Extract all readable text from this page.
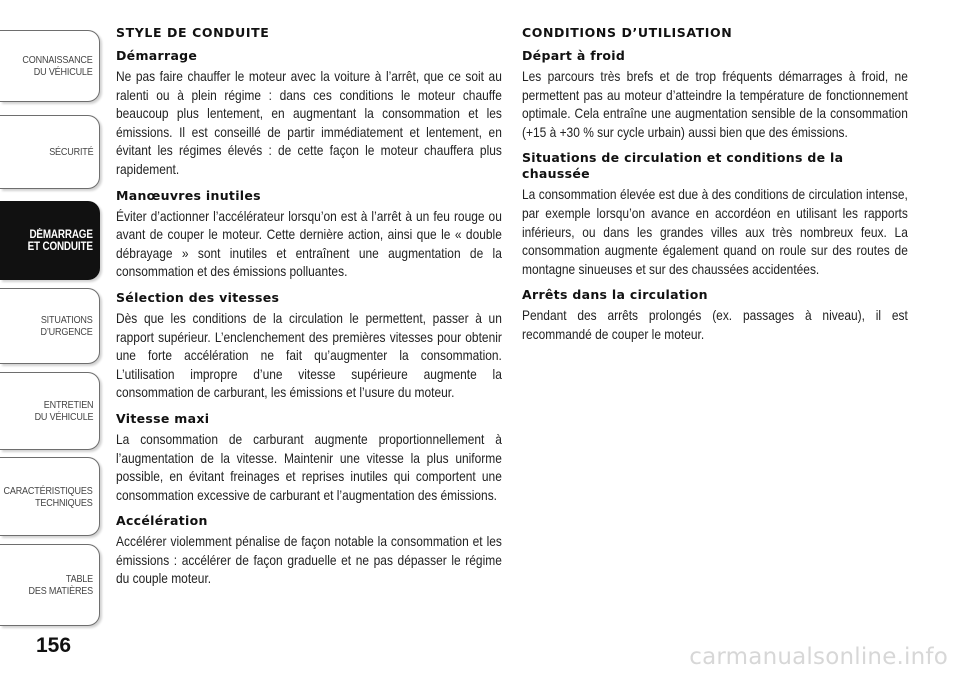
CONNAISSANCE
DU VÉHICULE
SÉCURITÉ
DÉMARRAGE
ET CONDUITE
SITUATIONS
D’URGENCE
ENTRETIEN
DU VÉHICULE
CARACTÉRISTIQUES
TECHNIQUES
TABLE
DES MATIÈRES
156
STYLE DE CONDUITE
Démarrage

Ne pas faire chauffer le moteur avec la voiture à l’arrêt, que ce soit au ralenti ou à plein régime : dans ces conditions le moteur chauffe beaucoup plus lentement, en augmentant la consommation et les émissions. Il est conseillé de partir immédiatement et lentement, en évitant les régimes élevés : de cette façon le moteur chauffera plus rapidement.

Manœuvres inutiles

Éviter d’actionner l’accélérateur lorsqu’on est à l’arrêt à un feu rouge ou avant de couper le moteur. Cette dernière action, ainsi que le « double débrayage » sont inutiles et entraînent une augmentation de la consommation et des émissions polluantes.

Sélection des vitesses

Dès que les conditions de la circulation le permettent, passer à un rapport supérieur. L’enclenchement des premières vitesses pour obtenir une forte accélération ne fait qu’augmenter la consommation. L’utilisation impropre d’une vitesse supérieure augmente la consommation de carburant, les émissions et l’usure du moteur.

Vitesse maxi

La consommation de carburant augmente proportionnellement à l’augmentation de la vitesse. Maintenir une vitesse la plus uniforme possible, en évitant freinages et reprises inutiles qui comportent une consommation excessive de carburant et l’augmentation des émissions.

Accélération

Accélérer violemment pénalise de façon notable la consommation et les émissions : accélérer de façon graduelle et ne pas dépasser le régime du couple moteur.

CONDITIONS D’UTILISATION
Départ à froid

Les parcours très brefs et de trop fréquents démarrages à froid, ne permettent pas au moteur d’atteindre la température de fonctionnement optimale. Cela entraîne une augmentation sensible de la consommation (+15 à +30 % sur cycle urbain) aussi bien que des émissions.

Situations de circulation et conditions de la chaussée

La consommation élevée est due à des conditions de circulation intense, par exemple lorsqu’on avance en accordéon en utilisant les rapports inférieurs, ou dans les grandes villes aux très nombreux feux. La consommation augmente également quand on roule sur des routes de montagne sinueuses et sur des chaussées accidentées.

Arrêts dans la circulation

Pendant des arrêts prolongés (ex. passages à niveau), il est recommandé de couper le moteur.

carmanualsonline.info
